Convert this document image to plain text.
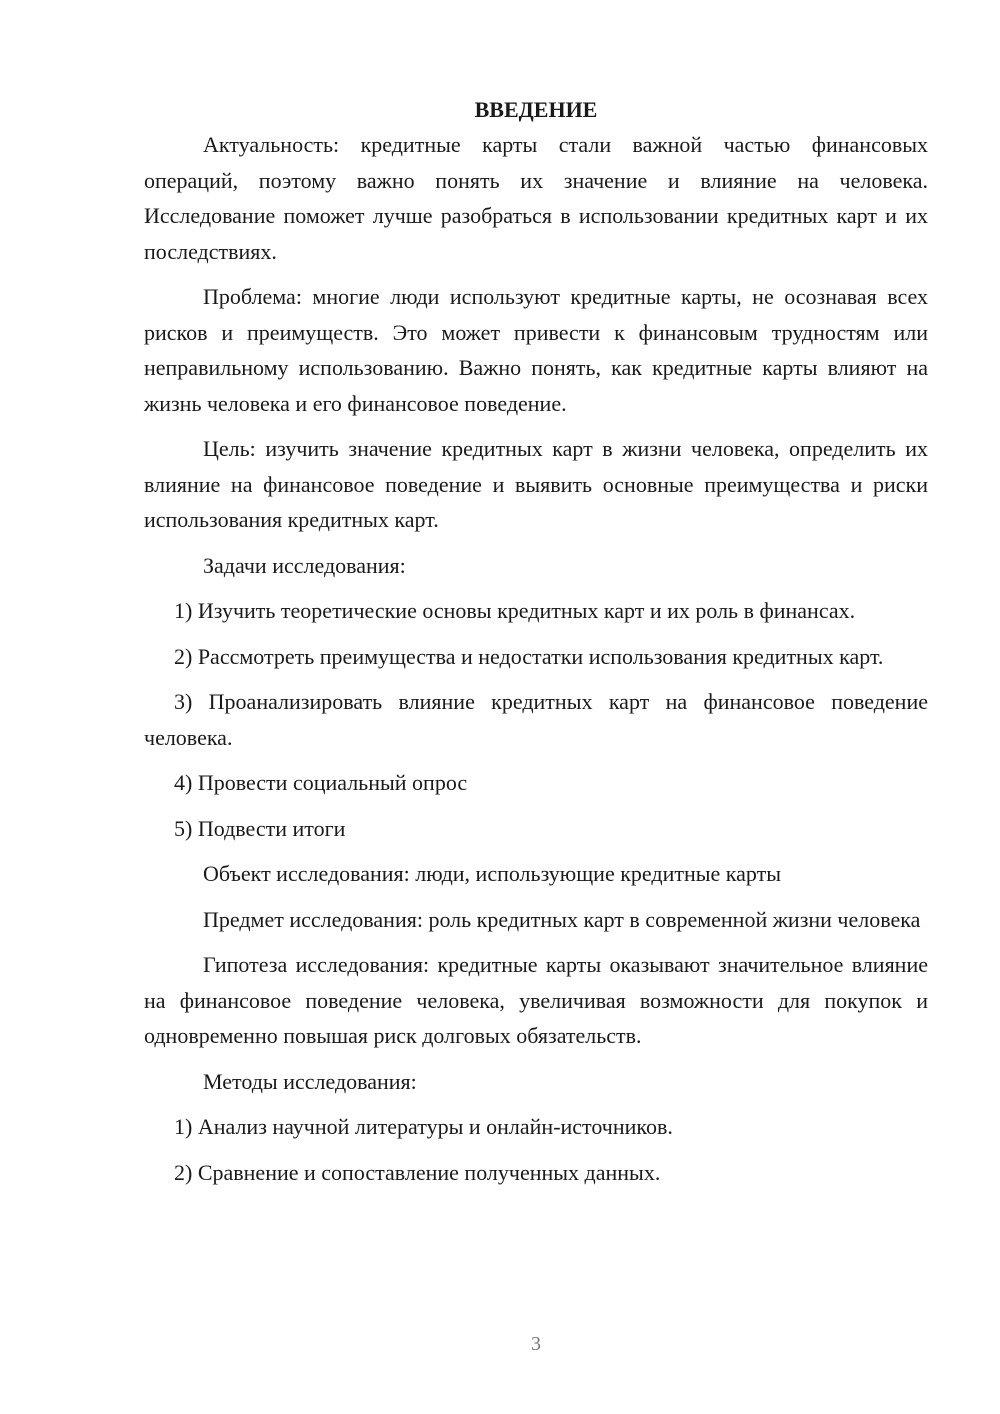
ВВЕДЕНИЕ

Актуальность: кредитные карты стали важной частью финансовых операций, поэтому важно понять их значение и влияние на человека. Исследование поможет лучше разобраться в использовании кредитных карт и их последствиях.

Проблема: многие люди используют кредитные карты, не осознавая всех рисков и преимуществ. Это может привести к финансовым трудностям или неправильному использованию. Важно понять, как кредитные карты влияют на жизнь человека и его финансовое поведение.

Цель: изучить значение кредитных карт в жизни человека, определить их влияние на финансовое поведение и выявить основные преимущества и риски использования кредитных карт.

Задачи исследования:

1) Изучить теоретические основы кредитных карт и их роль в финансах.

2) Рассмотреть преимущества и недостатки использования кредитных карт.

3) Проанализировать влияние кредитных карт на финансовое поведение человека.

4) Провести социальный опрос

5) Подвести итоги

Объект исследования: люди, использующие кредитные карты

Предмет исследования: роль кредитных карт в современной жизни человека

Гипотеза исследования: кредитные карты оказывают значительное влияние на финансовое поведение человека, увеличивая возможности для покупок и одновременно повышая риск долговых обязательств.

Методы исследования:

1) Анализ научной литературы и онлайн-источников.

2) Сравнение и сопоставление полученных данных.

3
